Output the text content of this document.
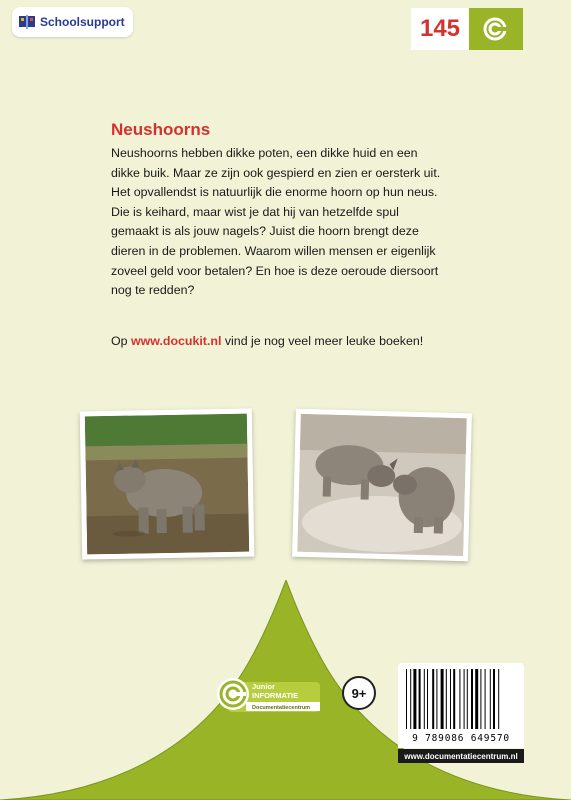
Schoolsupport	145
Neushoorns

Neushoorns hebben dikke poten, een dikke huid en een dikke buik. Maar ze zijn ook gespierd en zien er oersterk uit. Het opvallendst is natuurlijk die enorme hoorn op hun neus. Die is keihard, maar wist je dat hij van hetzelfde spul gemaakt is als jouw nagels? Juist die hoorn brengt deze dieren in de problemen. Waarom willen mensen er eigenlijk zoveel geld voor betalen? En hoe is deze oeroude diersoort nog te redden?

Op www.docukit.nl vind je nog veel meer leuke boeken!

Junior
INFORMATIE
Documentatiecentrum
9+
9 789086 649570
www.documentatiecentrum.nl
